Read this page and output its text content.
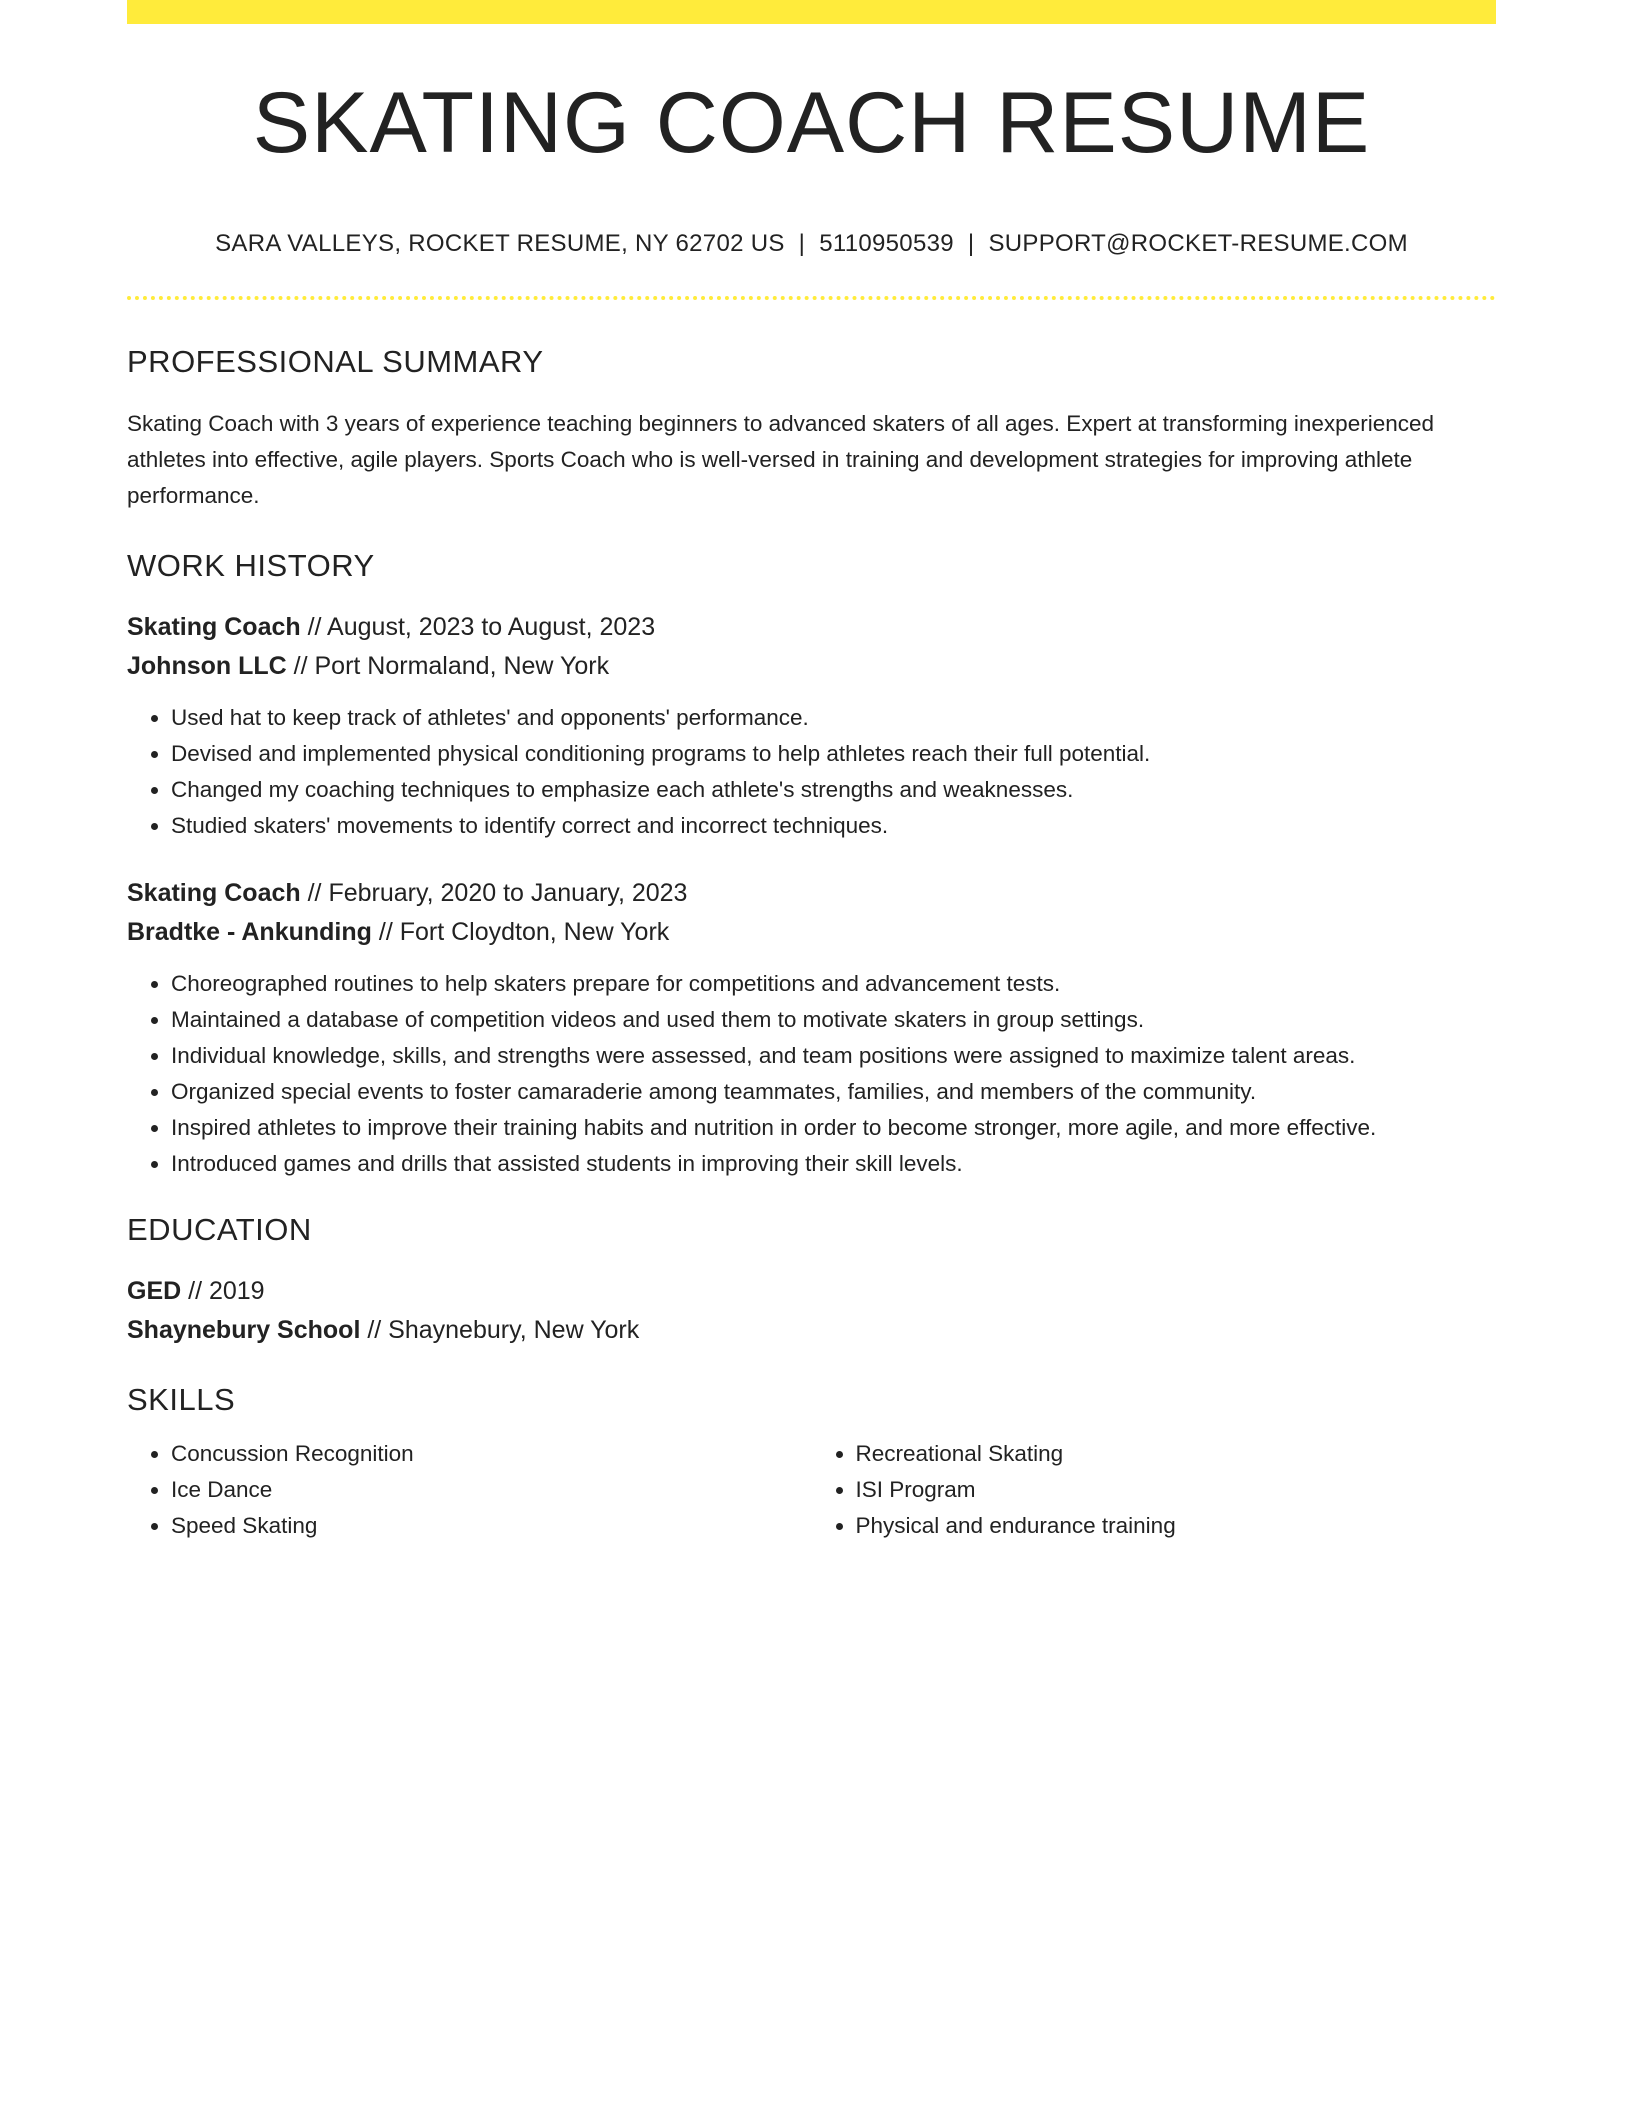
SKATING COACH RESUME
SARA VALLEYS, ROCKET RESUME, NY 62702 US | 5110950539 | SUPPORT@ROCKET-RESUME.COM
PROFESSIONAL SUMMARY
Skating Coach with 3 years of experience teaching beginners to advanced skaters of all ages. Expert at transforming inexperienced athletes into effective, agile players. Sports Coach who is well-versed in training and development strategies for improving athlete performance.
WORK HISTORY
Skating Coach // August, 2023 to August, 2023
Johnson LLC // Port Normaland, New York
• Used hat to keep track of athletes' and opponents' performance.
• Devised and implemented physical conditioning programs to help athletes reach their full potential.
• Changed my coaching techniques to emphasize each athlete's strengths and weaknesses.
• Studied skaters' movements to identify correct and incorrect techniques.
Skating Coach // February, 2020 to January, 2023
Bradtke - Ankunding // Fort Cloydton, New York
• Choreographed routines to help skaters prepare for competitions and advancement tests.
• Maintained a database of competition videos and used them to motivate skaters in group settings.
• Individual knowledge, skills, and strengths were assessed, and team positions were assigned to maximize talent areas.
• Organized special events to foster camaraderie among teammates, families, and members of the community.
• Inspired athletes to improve their training habits and nutrition in order to become stronger, more agile, and more effective.
• Introduced games and drills that assisted students in improving their skill levels.
EDUCATION
GED // 2019
Shaynebury School // Shaynebury, New York
SKILLS
• Concussion Recognition
• Ice Dance
• Speed Skating
• Recreational Skating
• ISI Program
• Physical and endurance training
